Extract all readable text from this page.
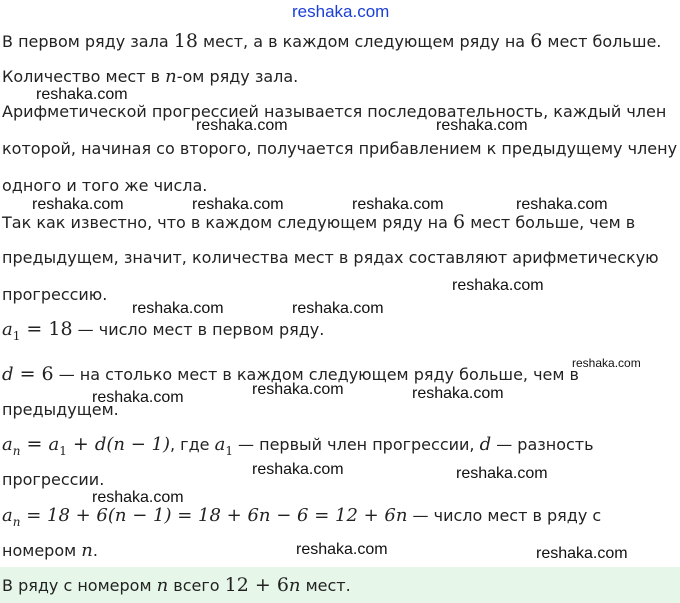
reshaka.com
reshaka.com
reshaka.com	reshaka.com
reshaka.com	reshaka.com	reshaka.com	reshaka.com
reshaka.com
reshaka.com	reshaka.com
reshaka.com
reshaka.com
reshaka.com	reshaka.com
reshaka.com	reshaka.com
reshaka.com
reshaka.com	reshaka.com
В первом ряду зала 18 мест, а в каждом следующем ряду на 6 мест больше.
Количество мест в n-ом ряду зала.
Арифметической прогрессией называется последовательность, каждый член
которой, начиная со второго, получается прибавлением к предыдущему члену
одного и того же числа.
Так как известно, что в каждом следующем ряду на 6 мест больше, чем в
предыдущем, значит, количества мест в рядах составляют арифметическую
прогрессию.
$a_1 = 18$ — число мест в первом ряду.
d = 6 — на столько мест в каждом следующем ряду больше, чем в
предыдущем.
$a_n = a_1 + d(n - 1)$, где $a_1$ — первый член прогрессии, d — разность
прогрессии.
$a_n = 18 + 6(n - 1) = 18 + 6n - 6 = 12 + 6n$ — число мест в ряду с
номером n.
В ряду с номером n всего 12 + 6n мест.
